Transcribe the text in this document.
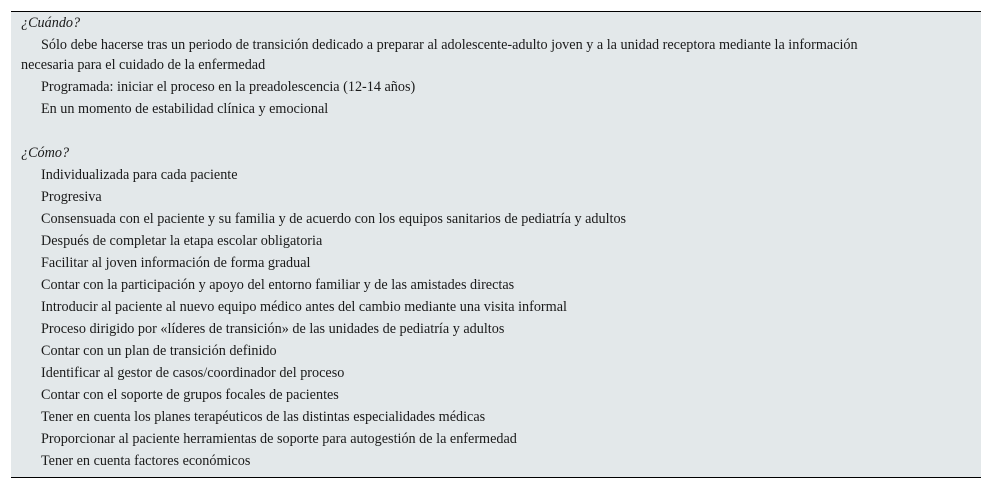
¿Cuándo?
Sólo debe hacerse tras un periodo de transición dedicado a preparar al adolescente-adulto joven y a la unidad receptora mediante la información
necesaria para el cuidado de la enfermedad
Programada: iniciar el proceso en la preadolescencia (12-14 años)
En un momento de estabilidad clínica y emocional
¿Cómo?
Individualizada para cada paciente
Progresiva
Consensuada con el paciente y su familia y de acuerdo con los equipos sanitarios de pediatría y adultos
Después de completar la etapa escolar obligatoria
Facilitar al joven información de forma gradual
Contar con la participación y apoyo del entorno familiar y de las amistades directas
Introducir al paciente al nuevo equipo médico antes del cambio mediante una visita informal
Proceso dirigido por «líderes de transición» de las unidades de pediatría y adultos
Contar con un plan de transición definido
Identificar al gestor de casos/coordinador del proceso
Contar con el soporte de grupos focales de pacientes
Tener en cuenta los planes terapéuticos de las distintas especialidades médicas
Proporcionar al paciente herramientas de soporte para autogestión de la enfermedad
Tener en cuenta factores económicos
